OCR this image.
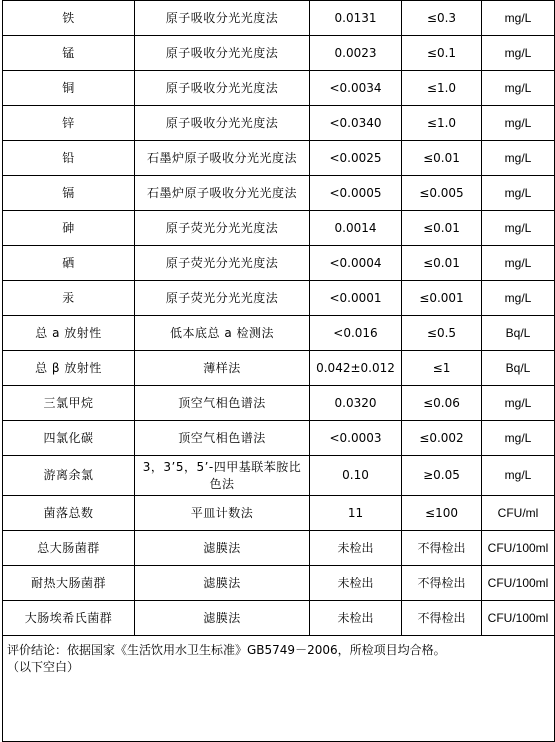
铁	原子吸收分光光度法	0.0131	≤0.3	mg/L
锰	原子吸收分光光度法	0.0023	≤0.1	mg/L
铜	原子吸收分光光度法	<0.0034	≤1.0	mg/L
锌	原子吸收分光光度法	<0.0340	≤1.0	mg/L
铅	石墨炉原子吸收分光光度法	<0.0025	≤0.01	mg/L
镉	石墨炉原子吸收分光光度法	<0.0005	≤0.005	mg/L
砷	原子荧光分光光度法	0.0014	≤0.01	mg/L
硒	原子荧光分光光度法	<0.0004	≤0.01	mg/L
汞	原子荧光分光光度法	<0.0001	≤0.001	mg/L
总 a 放射性	低本底总 a 检测法	<0.016	≤0.5	Bq/L
总 β 放射性	薄样法	0.042±0.012	≤1	Bq/L
三氯甲烷	顶空气相色谱法	0.0320	≤0.06	mg/L
四氯化碳	顶空气相色谱法	<0.0003	≤0.002	mg/L
游离余氯	3，3’5，5’-四甲基联苯胺比色法	0.10	≥0.05	mg/L
菌落总数	平皿计数法	11	≤100	CFU/ml
总大肠菌群	滤膜法	未检出	不得检出	CFU/100ml
耐热大肠菌群	滤膜法	未检出	不得检出	CFU/100ml
大肠埃希氏菌群	滤膜法	未检出	不得检出	CFU/100ml

评价结论：依据国家《生活饮用水卫生标准》GB5749－2006，所检项目均合格。
（以下空白）				
